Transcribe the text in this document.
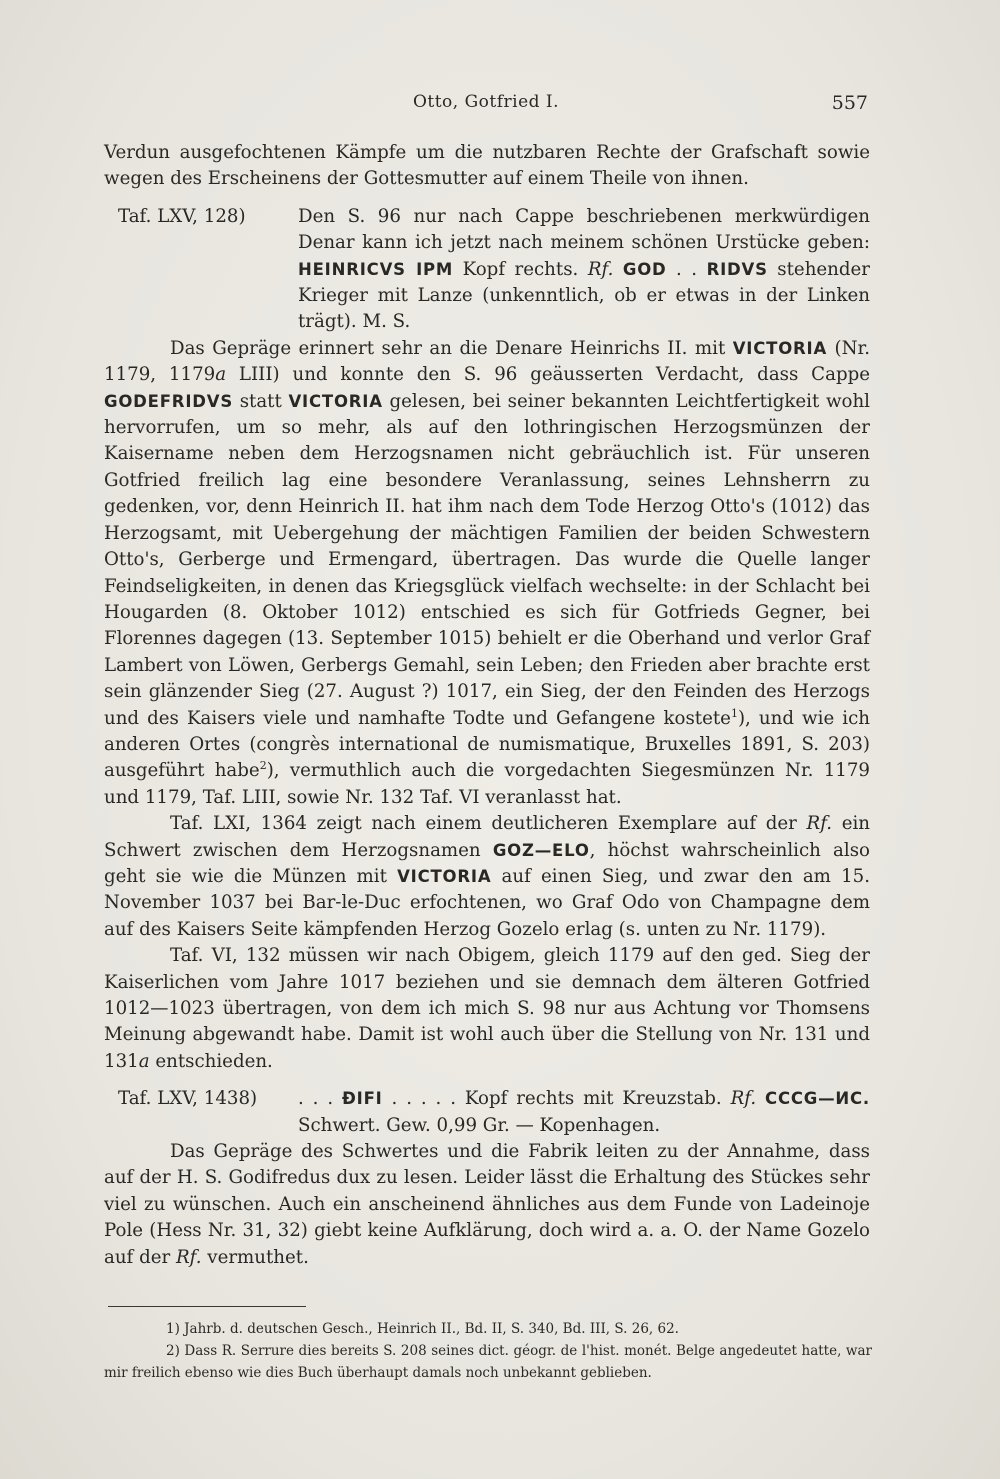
Otto, Gotfried I.	557

Verdun ausgefochtenen Kämpfe um die nutzbaren Rechte der Grafschaft sowie wegen des Erscheinens der Gottesmutter auf einem Theile von ihnen.

Taf. LXV, 128)	Den S. 96 nur nach Cappe beschriebenen merkwürdigen Denar kann ich jetzt nach meinem schönen Urstücke geben: HEINRICVS IPM Kopf rechts. Rf. GOD . . RIDVS stehender Krieger mit Lanze (unkenntlich, ob er etwas in der Linken trägt). M. S.

Das Gepräge erinnert sehr an die Denare Heinrichs II. mit VICTORIA (Nr. 1179, 1179a LIII) und konnte den S. 96 geäusserten Verdacht, dass Cappe GODEFRIDVS statt VICTORIA gelesen, bei seiner bekannten Leichtfertigkeit wohl hervorrufen, um so mehr, als auf den lothringischen Herzogsmünzen der Kaisername neben dem Herzogsnamen nicht gebräuchlich ist. Für unseren Gotfried freilich lag eine besondere Veranlassung, seines Lehnsherrn zu gedenken, vor, denn Heinrich II. hat ihm nach dem Tode Herzog Otto's (1012) das Herzogsamt, mit Uebergehung der mächtigen Familien der beiden Schwestern Otto's, Gerberge und Ermengard, übertragen. Das wurde die Quelle langer Feindseligkeiten, in denen das Kriegsglück vielfach wechselte: in der Schlacht bei Hougarden (8. Oktober 1012) entschied es sich für Gotfrieds Gegner, bei Florennes dagegen (13. September 1015) behielt er die Oberhand und verlor Graf Lambert von Löwen, Gerbergs Gemahl, sein Leben; den Frieden aber brachte erst sein glänzender Sieg (27. August ?) 1017, ein Sieg, der den Feinden des Herzogs und des Kaisers viele und namhafte Todte und Gefangene kostete$^1$), und wie ich anderen Ortes (congrès international de numismatique, Bruxelles 1891, S. 203) ausgeführt habe$^2$), vermuthlich auch die vorgedachten Siegesmünzen Nr. 1179 und 1179, Taf. LIII, sowie Nr. 132 Taf. VI veranlasst hat.

Taf. LXI, 1364 zeigt nach einem deutlicheren Exemplare auf der Rf. ein Schwert zwischen dem Herzogsnamen GOZ—ELO, höchst wahrscheinlich also geht sie wie die Münzen mit VICTORIA auf einen Sieg, und zwar den am 15. November 1037 bei Bar-le-Duc erfochtenen, wo Graf Odo von Champagne dem auf des Kaisers Seite kämpfenden Herzog Gozelo erlag (s. unten zu Nr. 1179).

Taf. VI, 132 müssen wir nach Obigem, gleich 1179 auf den ged. Sieg der Kaiserlichen vom Jahre 1017 beziehen und sie demnach dem älteren Gotfried 1012—1023 übertragen, von dem ich mich S. 98 nur aus Achtung vor Thomsens Meinung abgewandt habe. Damit ist wohl auch über die Stellung von Nr. 131 und 131a entschieden.

Taf. LXV, 1438)	. . . ÐIFI . . . . . Kopf rechts mit Kreuzstab. Rf. CCCG—ИC. Schwert. Gew. 0,99 Gr. — Kopenhagen.

Das Gepräge des Schwertes und die Fabrik leiten zu der Annahme, dass auf der H. S. Godifredus dux zu lesen. Leider lässt die Erhaltung des Stückes sehr viel zu wünschen. Auch ein anscheinend ähnliches aus dem Funde von Ladeinoje Pole (Hess Nr. 31, 32) giebt keine Aufklärung, doch wird a. a. O. der Name Gozelo auf der Rf. vermuthet.

1) Jahrb. d. deutschen Gesch., Heinrich II., Bd. II, S. 340, Bd. III, S. 26, 62.

2) Dass R. Serrure dies bereits S. 208 seines dict. géogr. de l'hist. monét. Belge angedeutet hatte, war mir freilich ebenso wie dies Buch überhaupt damals noch unbekannt geblieben.
